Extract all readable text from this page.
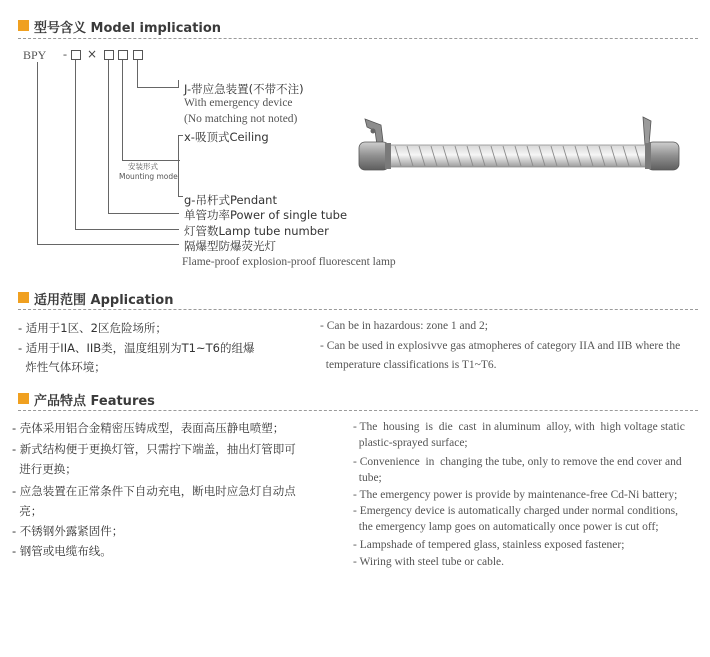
型号含义 Model implication
BPY - ×
J-带应急装置(不带不注)
With emergency device
(No matching not noted)
x-吸顶式Ceiling
安装形式
Mounting mode
g-吊杆式Pendant
单管功率Power of single tube
灯管数Lamp tube number
隔爆型防爆荧光灯
Flame-proof explosion-proof fluorescent lamp
适用范围 Application
- 适用于1区、2区危险场所；
- 适用于IIA、IIB类，温度组别为T1~T6的组爆
炸性气体环境；
- Can be in hazardous: zone 1 and 2;
- Can be used in explosivve gas atmopheres of category IIA and IIB where the
temperature classifications is T1~T6.
产品特点 Features
- 壳体采用铝合金精密压铸成型，表面高压静电喷塑；
- 新式结构便于更换灯管，只需拧下端盖，抽出灯管即可
进行更换；
- 应急装置在正常条件下自动充电，断电时应急灯自动点
亮；
- 不锈钢外露紧固件；
- 钢管或电缆布线。
- The  housing  is  die  cast  in aluminum  alloy, with  high voltage static
plastic-sprayed surface;
- Convenience  in  changing the tube, only to remove the end cover and
tube;
- The emergency power is provide by maintenance-free Cd-Ni battery;
- Emergency device is automatically charged under normal conditions,
the emergency lamp goes on automatically once power is cut off;
- Lampshade of tempered glass, stainless exposed fastener;
- Wiring with steel tube or cable.
